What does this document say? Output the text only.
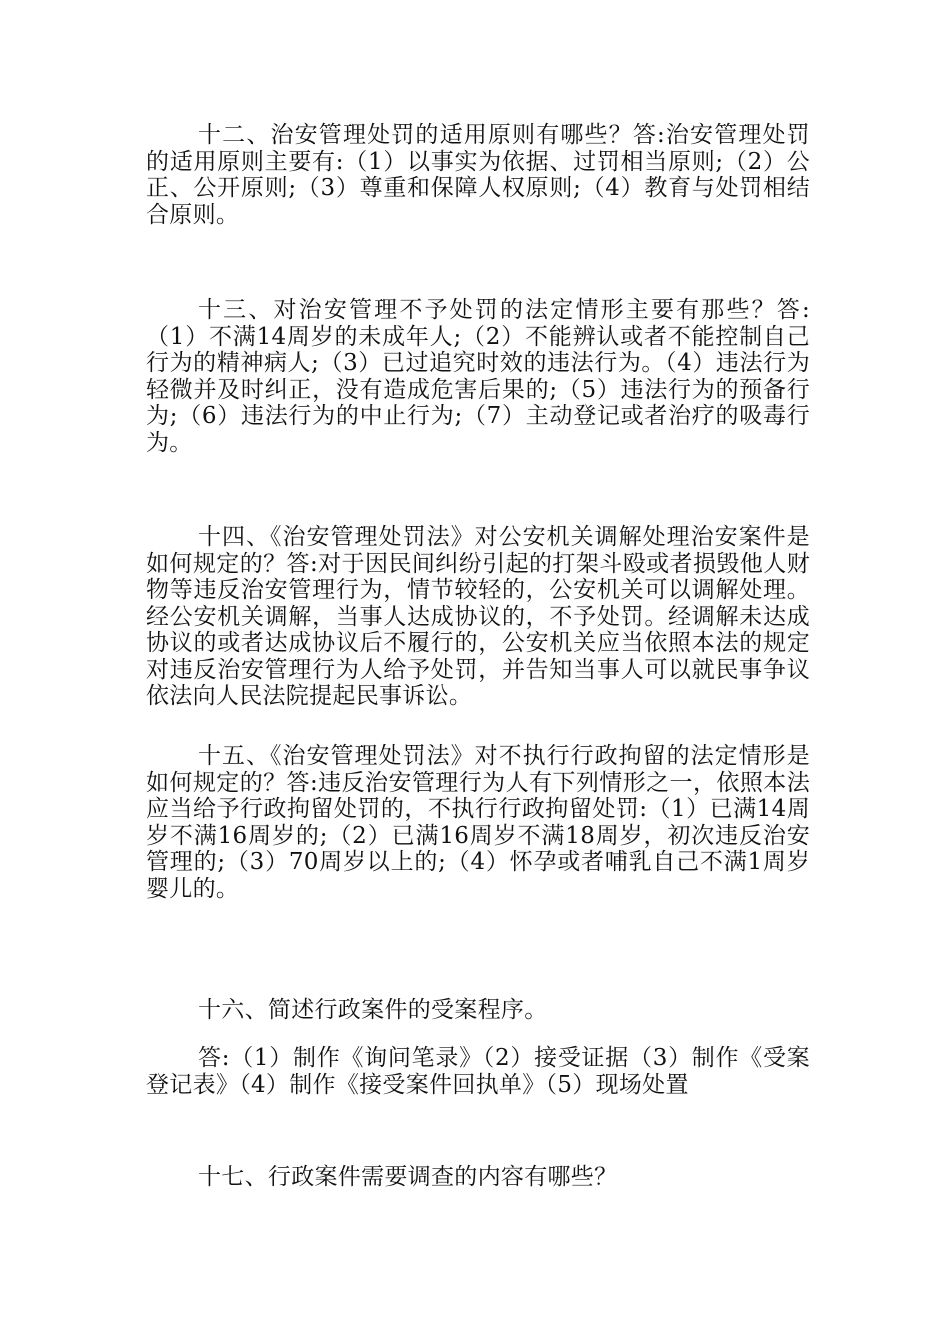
十二、治安管理处罚的适用原则有哪些？答:治安管理处罚的适用原则主要有:（1）以事实为依据、过罚相当原则;（2）公正、公开原则;（3）尊重和保障人权原则;（4）教育与处罚相结合原则。

十三、对治安管理不予处罚的法定情形主要有那些？答:（1）不满14周岁的未成年人;（2）不能辨认或者不能控制自己行为的精神病人;（3）已过追究时效的违法行为。（4）违法行为轻微并及时纠正，没有造成危害后果的;（5）违法行为的预备行为;（6）违法行为的中止行为;（7）主动登记或者治疗的吸毒行为。

十四、《治安管理处罚法》对公安机关调解处理治安案件是如何规定的？答:对于因民间纠纷引起的打架斗殴或者损毁他人财物等违反治安管理行为，情节较轻的，公安机关可以调解处理。经公安机关调解，当事人达成协议的，不予处罚。经调解未达成协议的或者达成协议后不履行的，公安机关应当依照本法的规定对违反治安管理行为人给予处罚，并告知当事人可以就民事争议依法向人民法院提起民事诉讼。

十五、《治安管理处罚法》对不执行行政拘留的法定情形是如何规定的？答:违反治安管理行为人有下列情形之一，依照本法应当给予行政拘留处罚的，不执行行政拘留处罚:（1）已满14周岁不满16周岁的;（2）已满16周岁不满18周岁，初次违反治安管理的;（3）70周岁以上的;（4）怀孕或者哺乳自己不满1周岁婴儿的。

十六、简述行政案件的受案程序。

答:（1）制作《询问笔录》（2）接受证据（3）制作《受案登记表》（4）制作《接受案件回执单》（5）现场处置

十七、行政案件需要调查的内容有哪些？
